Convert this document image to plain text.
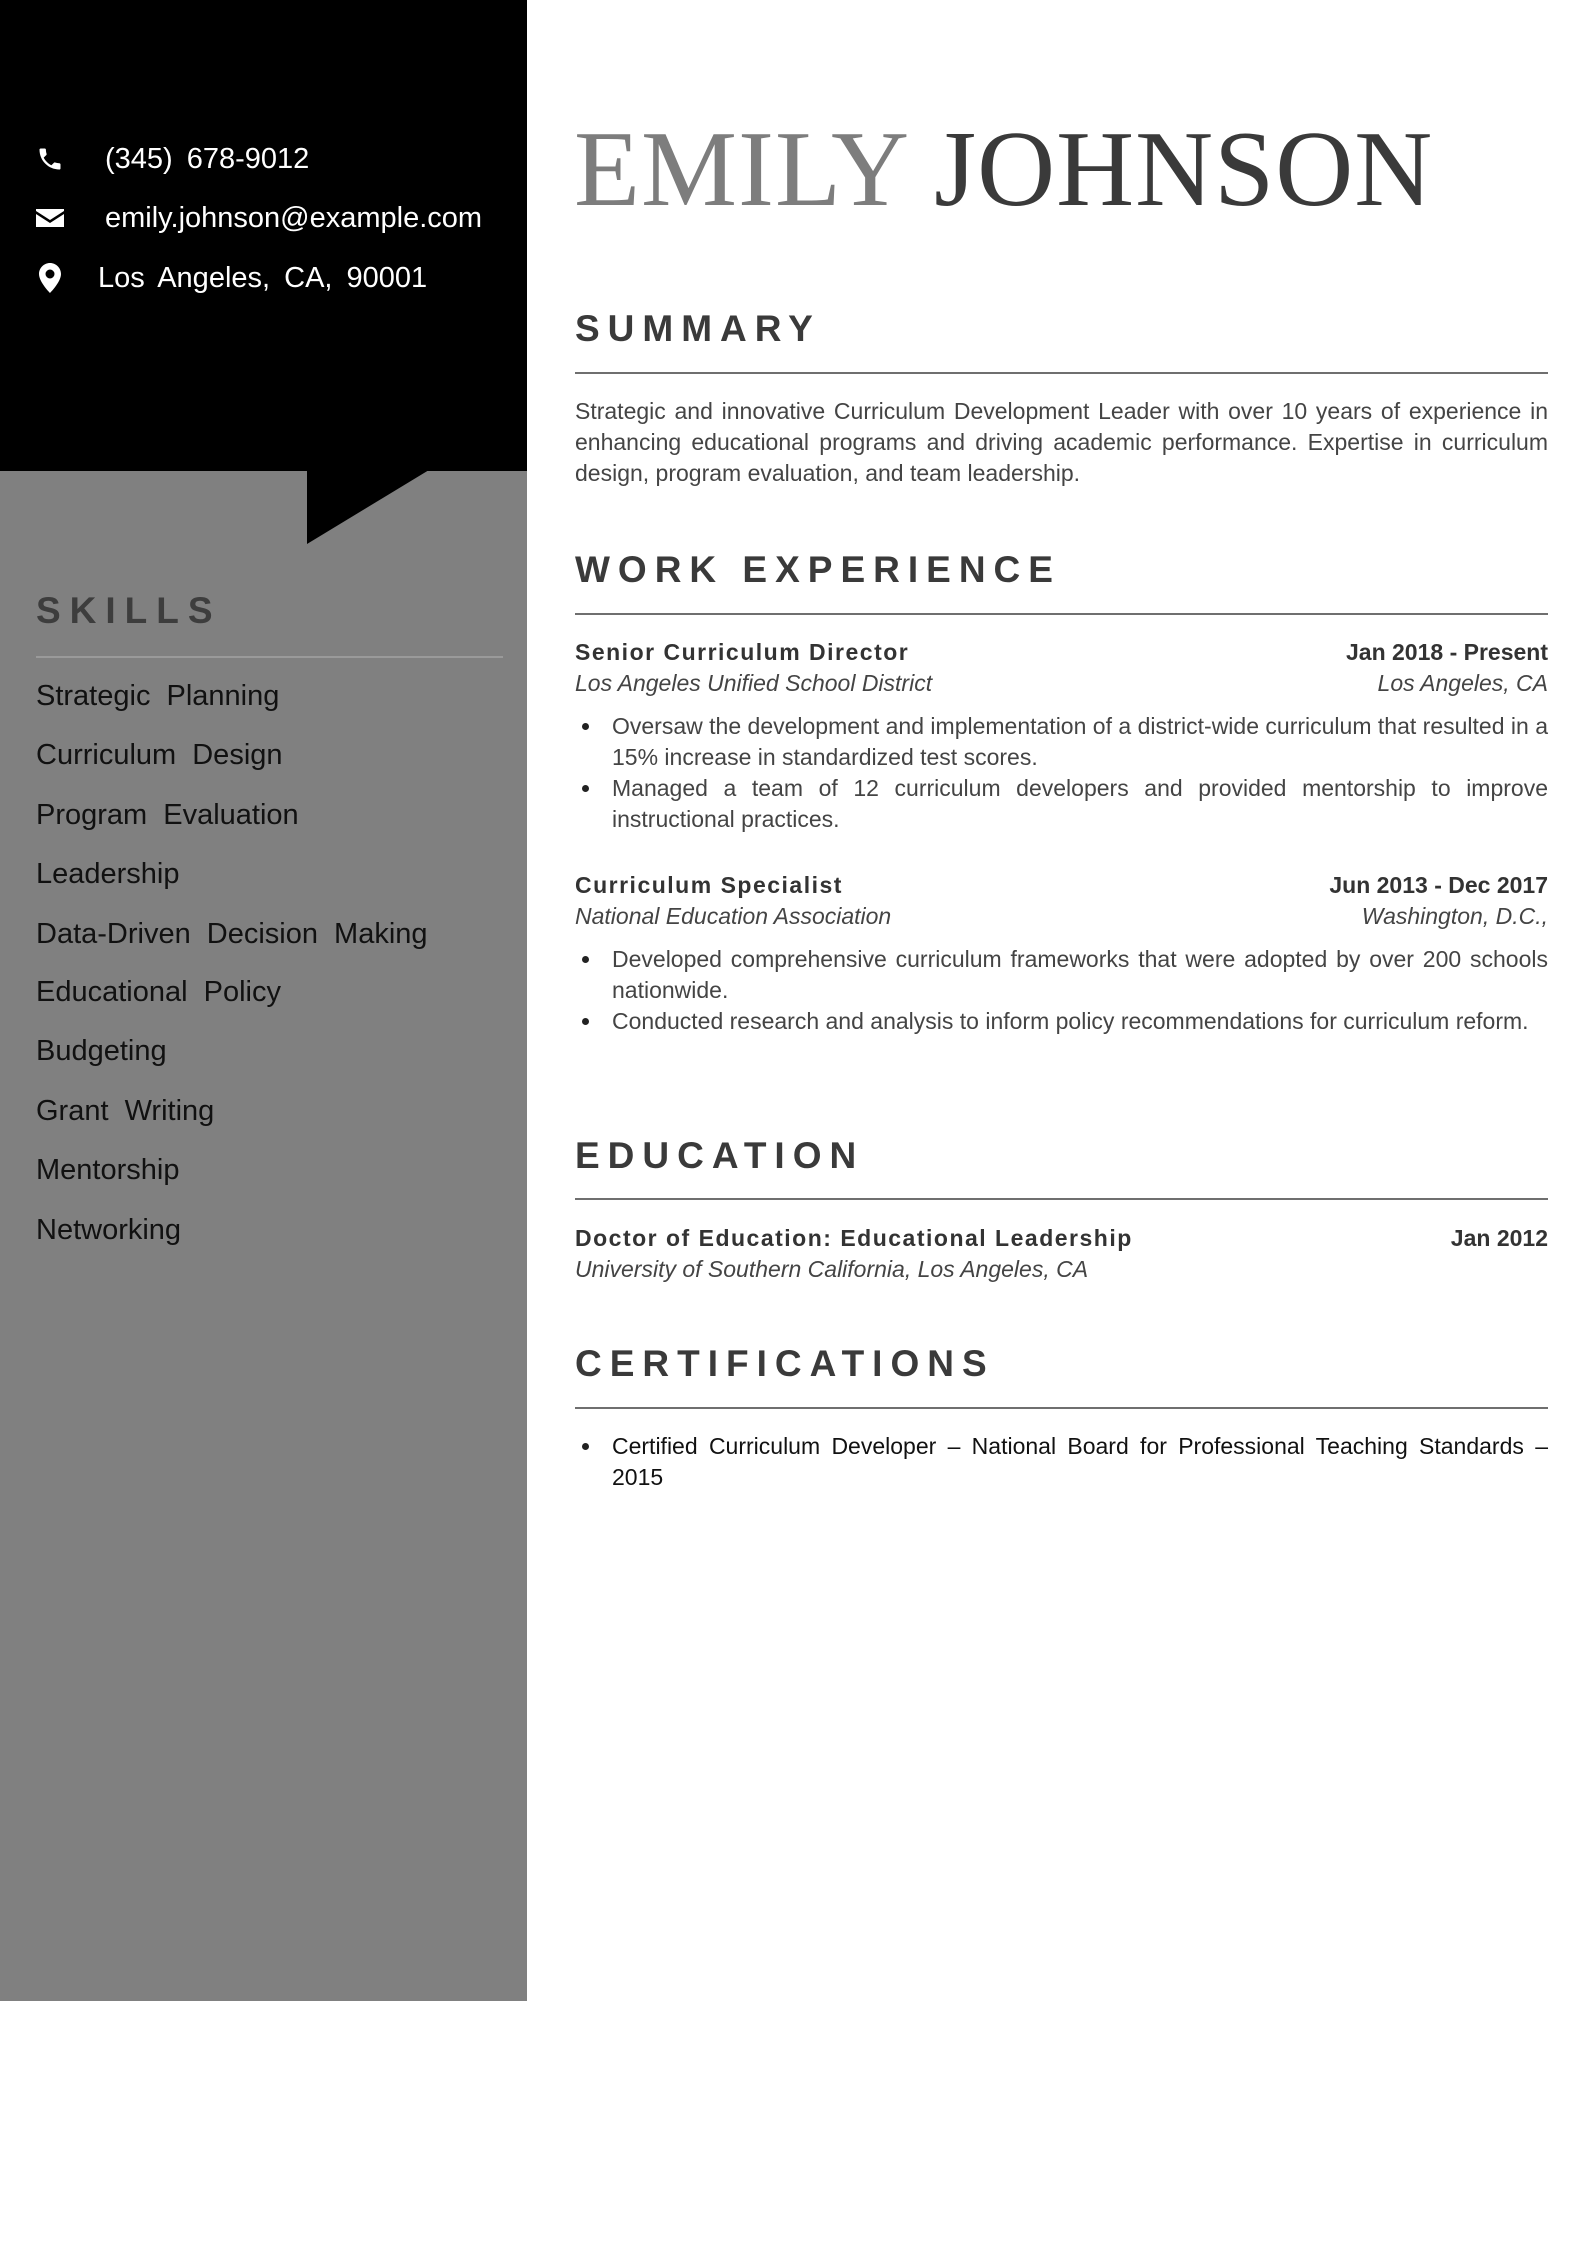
(345) 678-9012
emily.johnson@example.com
Los Angeles, CA, 90001
SKILLS
Strategic Planning
Curriculum Design
Program Evaluation
Leadership
Data-Driven Decision Making
Educational Policy
Budgeting
Grant Writing
Mentorship
Networking
EMILY JOHNSON
SUMMARY
Strategic and innovative Curriculum Development Leader with over 10 years of experience in enhancing educational programs and driving academic performance. Expertise in curriculum design, program evaluation, and team leadership.
WORK EXPERIENCE
Senior Curriculum Director	Jan 2018 - Present
Los Angeles Unified School District	Los Angeles, CA
Oversaw the development and implementation of a district-wide curriculum that resulted in a 15% increase in standardized test scores.
Managed a team of 12 curriculum developers and provided mentorship to improve instructional practices.
Curriculum Specialist	Jun 2013 - Dec 2017
National Education Association	Washington, D.C.,
Developed comprehensive curriculum frameworks that were adopted by over 200 schools nationwide.
Conducted research and analysis to inform policy recommendations for curriculum reform.
EDUCATION
Doctor of Education: Educational Leadership	Jan 2012
University of Southern California, Los Angeles, CA
CERTIFICATIONS
Certified Curriculum Developer – National Board for Professional Teaching Standards – 2015
